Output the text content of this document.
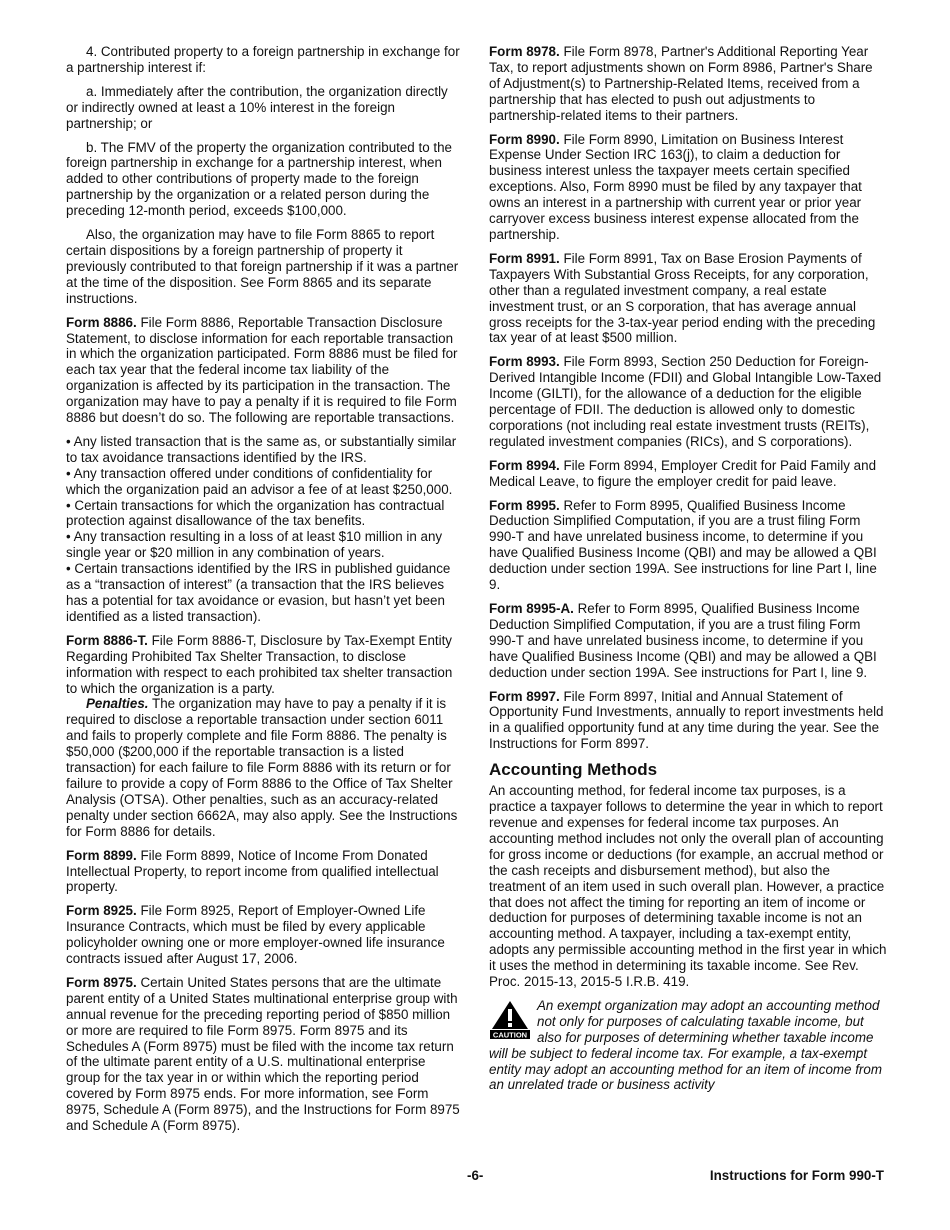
4. Contributed property to a foreign partnership in exchange for a partnership interest if:

a. Immediately after the contribution, the organization directly or indirectly owned at least a 10% interest in the foreign partnership; or

b. The FMV of the property the organization contributed to the foreign partnership in exchange for a partnership interest, when added to other contributions of property made to the foreign partnership by the organization or a related person during the preceding 12-month period, exceeds $100,000.

Also, the organization may have to file Form 8865 to report certain dispositions by a foreign partnership of property it previously contributed to that foreign partnership if it was a partner at the time of the disposition. See Form 8865 and its separate instructions.

Form 8886. File Form 8886, Reportable Transaction Disclosure Statement, to disclose information for each reportable transaction in which the organization participated. Form 8886 must be filed for each tax year that the federal income tax liability of the organization is affected by its participation in the transaction. The organization may have to pay a penalty if it is required to file Form 8886 but doesn’t do so. The following are reportable transactions.

• Any listed transaction that is the same as, or substantially similar to tax avoidance transactions identified by the IRS.

• Any transaction offered under conditions of confidentiality for which the organization paid an advisor a fee of at least $250,000.

• Certain transactions for which the organization has contractual protection against disallowance of the tax benefits.

• Any transaction resulting in a loss of at least $10 million in any single year or $20 million in any combination of years.

• Certain transactions identified by the IRS in published guidance as a “transaction of interest” (a transaction that the IRS believes has a potential for tax avoidance or evasion, but hasn’t yet been identified as a listed transaction).

Form 8886-T. File Form 8886-T, Disclosure by Tax-Exempt Entity Regarding Prohibited Tax Shelter Transaction, to disclose information with respect to each prohibited tax shelter transaction to which the organization is a party.

Penalties. The organization may have to pay a penalty if it is required to disclose a reportable transaction under section 6011 and fails to properly complete and file Form 8886. The penalty is $50,000 ($200,000 if the reportable transaction is a listed transaction) for each failure to file Form 8886 with its return or for failure to provide a copy of Form 8886 to the Office of Tax Shelter Analysis (OTSA). Other penalties, such as an accuracy-related penalty under section 6662A, may also apply. See the Instructions for Form 8886 for details.

Form 8899. File Form 8899, Notice of Income From Donated Intellectual Property, to report income from qualified intellectual property.

Form 8925. File Form 8925, Report of Employer-Owned Life Insurance Contracts, which must be filed by every applicable policyholder owning one or more employer-owned life insurance contracts issued after August 17, 2006.

Form 8975. Certain United States persons that are the ultimate parent entity of a United States multinational enterprise group with annual revenue for the preceding reporting period of $850 million or more are required to file Form 8975. Form 8975 and its Schedules A (Form 8975) must be filed with the income tax return of the ultimate parent entity of a U.S. multinational enterprise group for the tax year in or within which the reporting period covered by Form 8975 ends. For more information, see Form 8975, Schedule A (Form 8975), and the Instructions for Form 8975 and Schedule A (Form 8975).

Form 8978. File Form 8978, Partner's Additional Reporting Year Tax, to report adjustments shown on Form 8986, Partner's Share of Adjustment(s) to Partnership-Related Items, received from a partnership that has elected to push out adjustments to partnership-related items to their partners.

Form 8990. File Form 8990, Limitation on Business Interest Expense Under Section IRC 163(j), to claim a deduction for business interest unless the taxpayer meets certain specified exceptions. Also, Form 8990 must be filed by any taxpayer that owns an interest in a partnership with current year or prior year carryover excess business interest expense allocated from the partnership.

Form 8991. File Form 8991, Tax on Base Erosion Payments of Taxpayers With Substantial Gross Receipts, for any corporation, other than a regulated investment company, a real estate investment trust, or an S corporation, that has average annual gross receipts for the 3-tax-year period ending with the preceding tax year of at least $500 million.

Form 8993. File Form 8993, Section 250 Deduction for Foreign-Derived Intangible Income (FDII) and Global Intangible Low-Taxed Income (GILTI), for the allowance of a deduction for the eligible percentage of FDII. The deduction is allowed only to domestic corporations (not including real estate investment trusts (REITs), regulated investment companies (RICs), and S corporations).

Form 8994. File Form 8994, Employer Credit for Paid Family and Medical Leave, to figure the employer credit for paid leave.

Form 8995. Refer to Form 8995, Qualified Business Income Deduction Simplified Computation, if you are a trust filing Form 990-T and have unrelated business income, to determine if you have Qualified Business Income (QBI) and may be allowed a QBI deduction under section 199A. See instructions for line Part I, line 9.

Form 8995-A. Refer to Form 8995, Qualified Business Income Deduction Simplified Computation, if you are a trust filing Form 990-T and have unrelated business income, to determine if you have Qualified Business Income (QBI) and may be allowed a QBI deduction under section 199A. See instructions for Part I, line 9.

Form 8997. File Form 8997, Initial and Annual Statement of Opportunity Fund Investments, annually to report investments held in a qualified opportunity fund at any time during the year. See the Instructions for Form 8997.

Accounting Methods

An accounting method, for federal income tax purposes, is a practice a taxpayer follows to determine the year in which to report revenue and expenses for federal income tax purposes. An accounting method includes not only the overall plan of accounting for gross income or deductions (for example, an accrual method or the cash receipts and disbursement method), but also the treatment of an item used in such overall plan. However, a practice that does not affect the timing for reporting an item of income or deduction for purposes of determining taxable income is not an accounting method. A taxpayer, including a tax-exempt entity, adopts any permissible accounting method in the first year in which it uses the method in determining its taxable income. See Rev. Proc. 2015-13, 2015-5 I.R.B. 419.

CAUTION

An exempt organization may adopt an accounting method not only for purposes of calculating taxable income, but also for purposes of determining whether taxable income will be subject to federal income tax. For example, a tax-exempt entity may adopt an accounting method for an item of income from an unrelated trade or business activity

-6-	Instructions for Form 990-T
